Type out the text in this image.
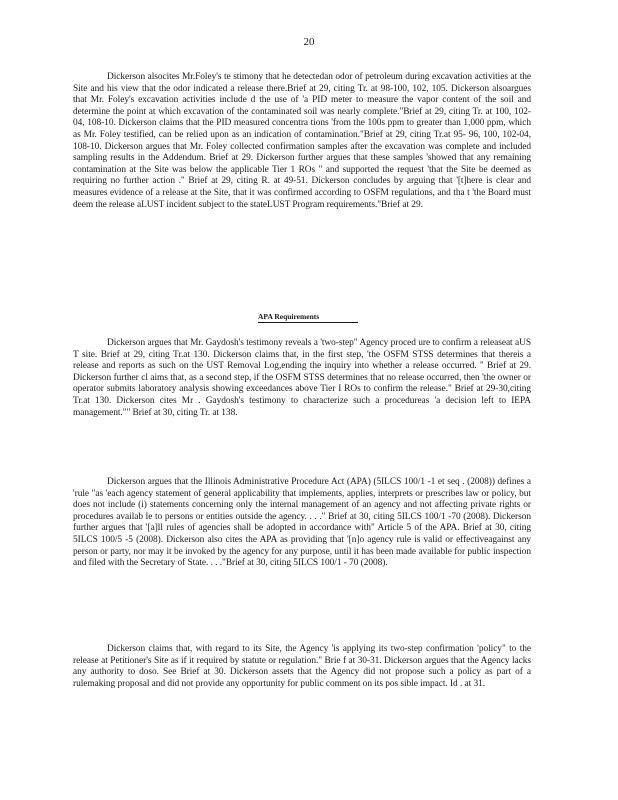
20

Dickerson alsocites Mr.Foley's te stimony that he detectedan odor of petroleum during excavation activities at the Site and his view that the odor indicated a release there.Brief at 29, citing Tr. at 98-100, 102, 105. Dickerson alsoargues that Mr. Foley's excavation activities include d the use of 'a PID meter to measure the vapor content of the soil and determine the point at which excavation of the contaminated soil was nearly complete."Brief at 29, citing Tr. at 100, 102-04, 108-10. Dickerson claims that the PID measured concentra tions 'from the 100s ppm to greater than 1,000 ppm, which as Mr. Foley testified, can be relied upon as an indication of contamination."Brief at 29, citing Tr.at 95- 96, 100, 102-04, 108-10. Dickerson argues that Mr. Foley collected confirmation samples after the excavation was complete and included sampling results in the Addendum. Brief at 29. Dickerson further argues that these samples 'showed that any remaining contamination at the Site was below the applicable Tier 1 ROs " and supported the request 'that the Site be deemed as requiring no further action ." Brief at 29, citing R. at 49-51. Dickerson concludes by arguing that '[t]here is clear and measures evidence of a release at the Site, that it was confirmed according to OSFM regulations, and tha t 'the Board must deem the release aLUST incident subject to the stateLUST Program requirements."Brief at 29.

APA Requirements

Dickerson argues that Mr. Gaydosh's testimony reveals a 'two-step" Agency proced ure to confirm a releaseat aUS T site. Brief at 29, citing Tr.at 130. Dickerson claims that, in the first step, 'the OSFM STSS determines that thereis a release and reports as such on the UST Removal Log,ending the inquiry into whether a release occurred. " Brief at 29. Dickerson further cl aims that, as a second step, if the OSFM STSS determines that no release occurred, then 'the owner or operator submits laboratory analysis showing exceedances above Tier I ROs to confirm the release." Brief at 29-30,citing Tr.at 130. Dickerson cites Mr . Gaydosh's testimony to characterize such a procedureas 'a decision left to IEPA management."" Brief at 30, citing Tr. at 138.

Dickerson argues that the Illinois Administrative Procedure Act (APA) (5ILCS 100/1 -1 et seq . (2008)) defines a 'rule "as 'each agency statement of general applicability that implements, applies, interprets or prescribes law or policy, but does not include (i) statements concerning only the internal management of an agency and not affecting private rights or procedures availab le to persons or entities outside the agency. . . ." Brief at 30, citing 5ILCS 100/1 -70 (2008). Dickerson further argues that '[a]ll rules of agencies shall be adopted in accordance with" Article 5 of the APA. Brief at 30, citing 5ILCS 100/5 -5 (2008). Dickerson also cites the APA as providing that '[n]o agency rule is valid or effectiveagainst any person or party, nor may it be invoked by the agency for any purpose, until it has been made available for public inspection and filed with the Secretary of State. . . ."Brief at 30, citing 5ILCS 100/1 - 70 (2008).

Dickerson claims that, with regard to its Site, the Agency 'is applying its two-step confirmation 'policy" to the release at Petitioner's Site as if it required by statute or regulation." Brie f at 30-31. Dickerson argues that the Agency lacks any authority to doso. See Brief at 30. Dickerson assets that the Agency did not propose such a policy as part of a rulemaking proposal and did not provide any opportunity for public comment on its pos sible impact. Id . at 31.
